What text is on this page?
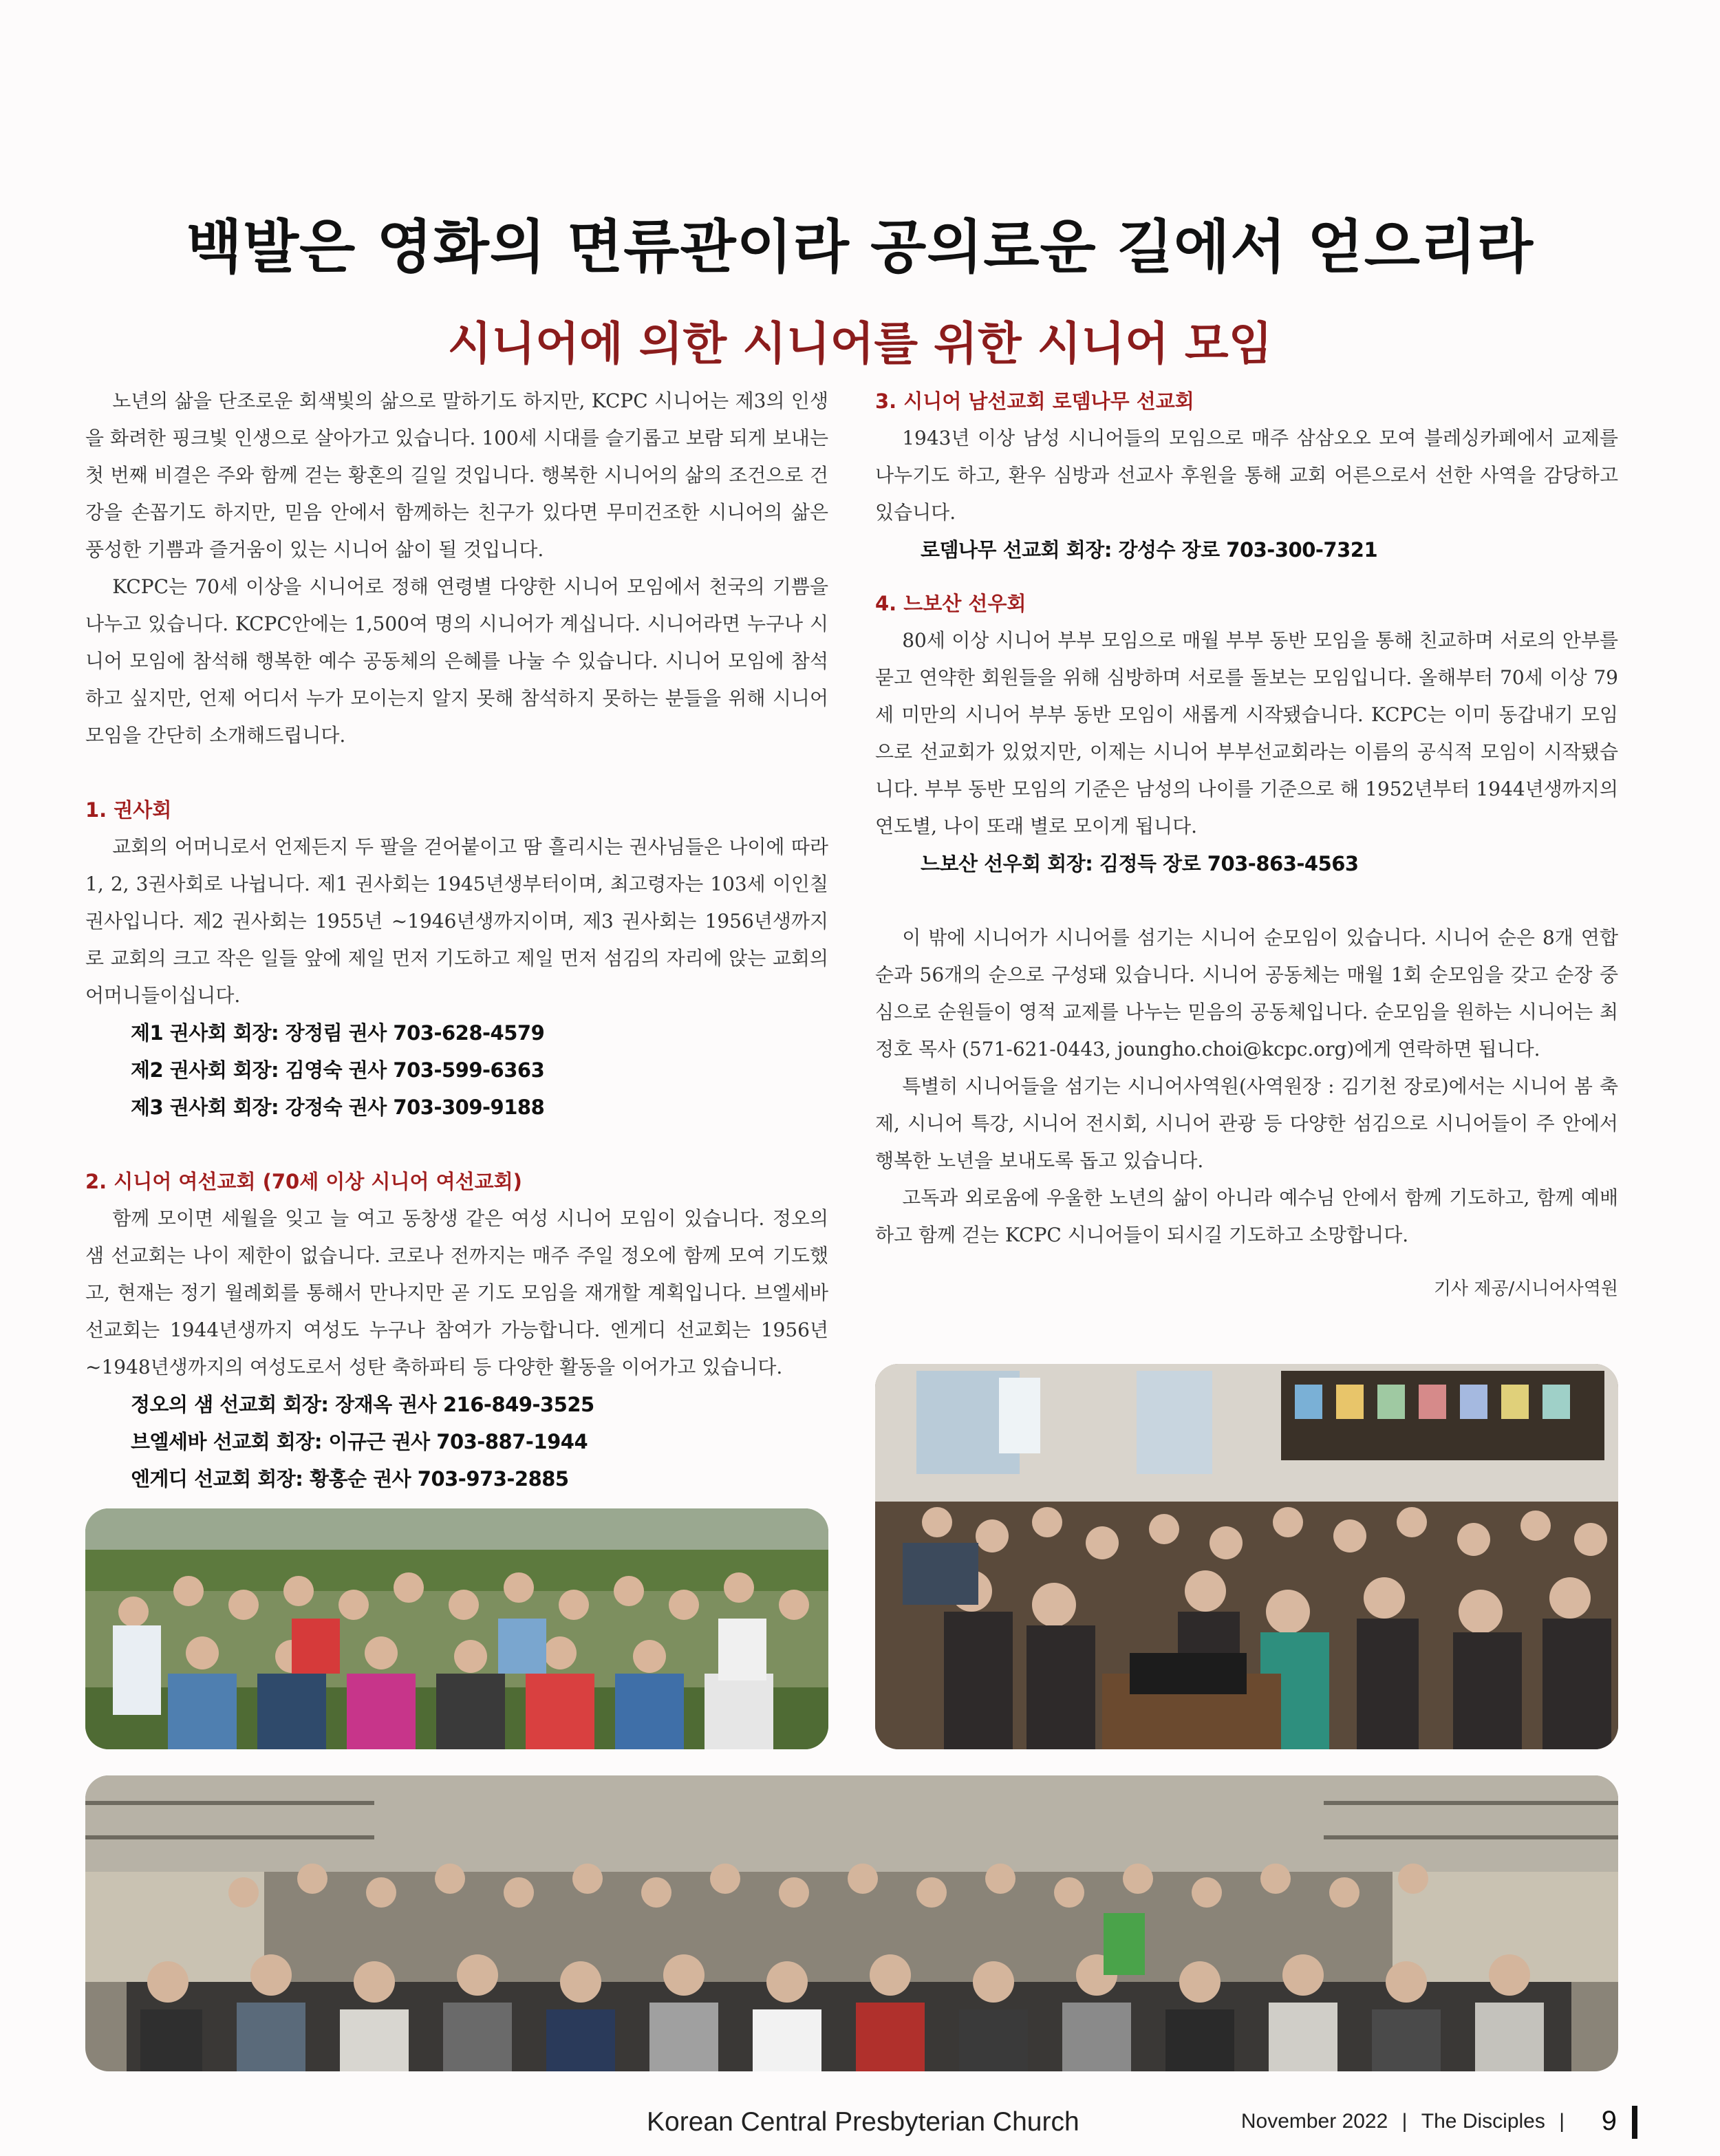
백발은 영화의 면류관이라 공의로운 길에서 얻으리라
시니어에 의한 시니어를 위한 시니어 모임

노년의 삶을 단조로운 회색빛의 삶으로 말하기도 하지만, KCPC 시니어는 제3의 인생을 화려한 핑크빛 인생으로 살아가고 있습니다. 100세 시대를 슬기롭고 보람 되게 보내는 첫 번째 비결은 주와 함께 걷는 황혼의 길일 것입니다. 행복한 시니어의 삶의 조건으로 건강을 손꼽기도 하지만, 믿음 안에서 함께하는 친구가 있다면 무미건조한 시니어의 삶은 풍성한 기쁨과 즐거움이 있는 시니어 삶이 될 것입니다.

KCPC는 70세 이상을 시니어로 정해 연령별 다양한 시니어 모임에서 천국의 기쁨을 나누고 있습니다. KCPC안에는 1,500여 명의 시니어가 계십니다. 시니어라면 누구나 시니어 모임에 참석해 행복한 예수 공동체의 은혜를 나눌 수 있습니다. 시니어 모임에 참석하고 싶지만, 언제 어디서 누가 모이는지 알지 못해 참석하지 못하는 분들을 위해 시니어 모임을 간단히 소개해드립니다.

1. 권사회

교회의 어머니로서 언제든지 두 팔을 걷어붙이고 땀 흘리시는 권사님들은 나이에 따라 1, 2, 3권사회로 나뉩니다. 제1 권사회는 1945년생부터이며, 최고령자는 103세 이인칠 권사입니다. 제2 권사회는 1955년 ~1946년생까지이며, 제3 권사회는 1956년생까지로 교회의 크고 작은 일들 앞에 제일 먼저 기도하고 제일 먼저 섬김의 자리에 앉는 교회의 어머니들이십니다.

제1 권사회 회장: 장정림 권사 703-628-4579

제2 권사회 회장: 김영숙 권사 703-599-6363

제3 권사회 회장: 강정숙 권사 703-309-9188

2. 시니어 여선교회 (70세 이상 시니어 여선교회)

함께 모이면 세월을 잊고 늘 여고 동창생 같은 여성 시니어 모임이 있습니다. 정오의 샘 선교회는 나이 제한이 없습니다. 코로나 전까지는 매주 주일 정오에 함께 모여 기도했고, 현재는 정기 월례회를 통해서 만나지만 곧 기도 모임을 재개할 계획입니다. 브엘세바 선교회는 1944년생까지 여성도 누구나 참여가 가능합니다. 엔게디 선교회는 1956년 ~1948년생까지의 여성도로서 성탄 축하파티 등 다양한 활동을 이어가고 있습니다.

정오의 샘 선교회 회장: 장재옥 권사 216-849-3525

브엘세바 선교회 회장: 이규근 권사 703-887-1944

엔게디 선교회 회장: 황홍순 권사 703-973-2885

3. 시니어 남선교회 로뎀나무 선교회

1943년 이상 남성 시니어들의 모임으로 매주 삼삼오오 모여 블레싱카페에서 교제를 나누기도 하고, 환우 심방과 선교사 후원을 통해 교회 어른으로서 선한 사역을 감당하고 있습니다.

로뎀나무 선교회 회장: 강성수 장로 703-300-7321

4. 느보산 선우회

80세 이상 시니어 부부 모임으로 매월 부부 동반 모임을 통해 친교하며 서로의 안부를 묻고 연약한 회원들을 위해 심방하며 서로를 돌보는 모임입니다. 올해부터 70세 이상 79세 미만의 시니어 부부 동반 모임이 새롭게 시작됐습니다. KCPC는 이미 동갑내기 모임으로 선교회가 있었지만, 이제는 시니어 부부선교회라는 이름의 공식적 모임이 시작됐습니다. 부부 동반 모임의 기준은 남성의 나이를 기준으로 해 1952년부터 1944년생까지의 연도별, 나이 또래 별로 모이게 됩니다.

느보산 선우회 회장: 김정득 장로 703-863-4563

이 밖에 시니어가 시니어를 섬기는 시니어 순모임이 있습니다. 시니어 순은 8개 연합순과 56개의 순으로 구성돼 있습니다. 시니어 공동체는 매월 1회 순모임을 갖고 순장 중심으로 순원들이 영적 교제를 나누는 믿음의 공동체입니다. 순모임을 원하는 시니어는 최정호 목사 (571-621-0443, joungho.choi@kcpc.org)에게 연락하면 됩니다.

특별히 시니어들을 섬기는 시니어사역원(사역원장 : 김기천 장로)에서는 시니어 봄 축제, 시니어 특강, 시니어 전시회, 시니어 관광 등 다양한 섬김으로 시니어들이 주 안에서 행복한 노년을 보내도록 돕고 있습니다.

고독과 외로움에 우울한 노년의 삶이 아니라 예수님 안에서 함께 기도하고, 함께 예배하고 함께 걷는 KCPC 시니어들이 되시길 기도하고 소망합니다.

기사 제공/시니어사역원

Korean Central Presbyterian Church	November 2022 | The Disciples | 9
